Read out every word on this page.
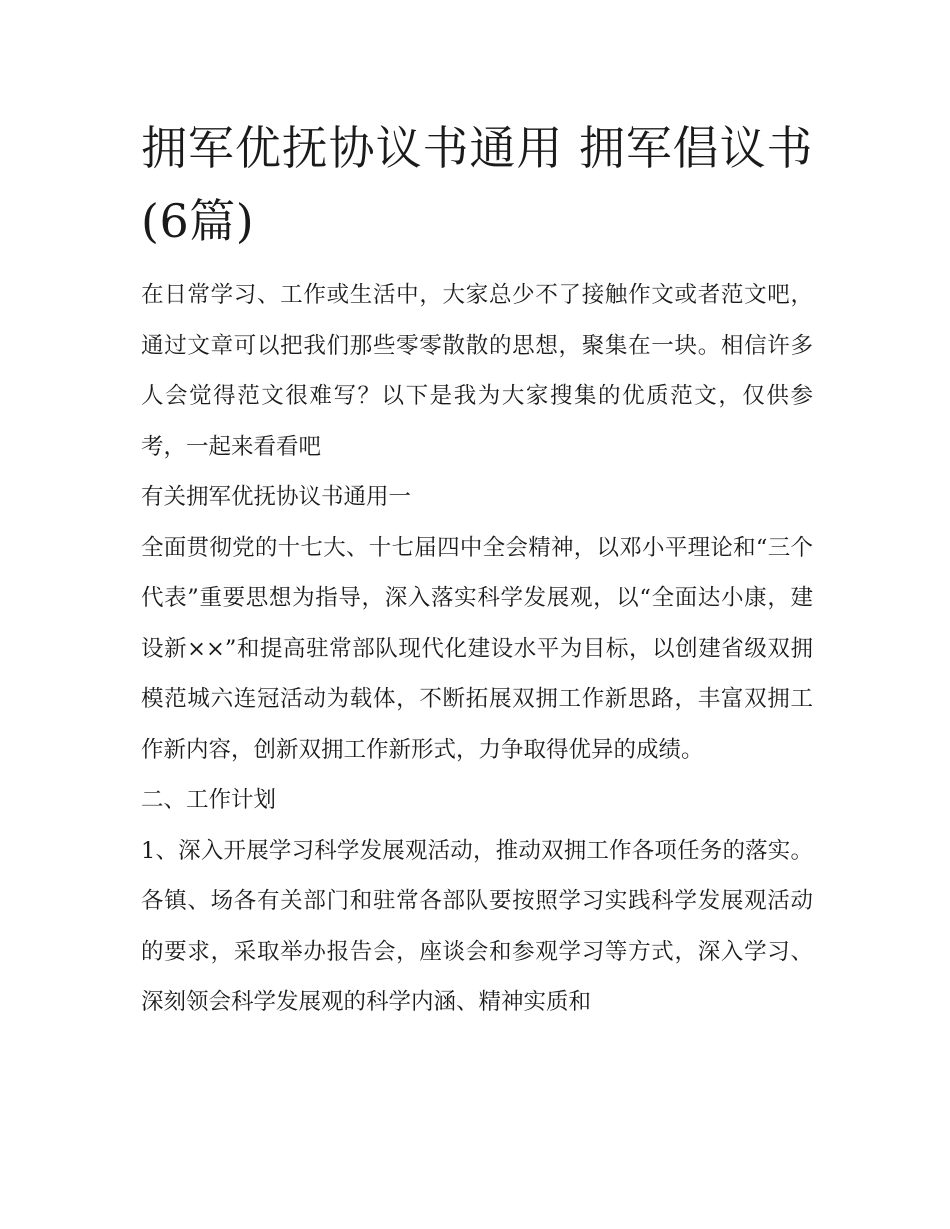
拥军优抚协议书通用 拥军倡议书(6篇)

在日常学习、工作或生活中，大家总少不了接触作文或者范文吧，通过文章可以把我们那些零零散散的思想，聚集在一块。相信许多人会觉得范文很难写？以下是我为大家搜集的优质范文，仅供参考，一起来看看吧

有关拥军优抚协议书通用一

全面贯彻党的十七大、十七届四中全会精神，以邓小平理论和“三个代表”重要思想为指导，深入落实科学发展观，以“全面达小康，建设新××”和提高驻常部队现代化建设水平为目标，以创建省级双拥模范城六连冠活动为载体，不断拓展双拥工作新思路，丰富双拥工作新内容，创新双拥工作新形式，力争取得优异的成绩。

二、工作计划

1、深入开展学习科学发展观活动，推动双拥工作各项任务的落实。各镇、场各有关部门和驻常各部队要按照学习实践科学发展观活动的要求，采取举办报告会，座谈会和参观学习等方式，深入学习、深刻领会科学发展观的科学内涵、精神实质和
